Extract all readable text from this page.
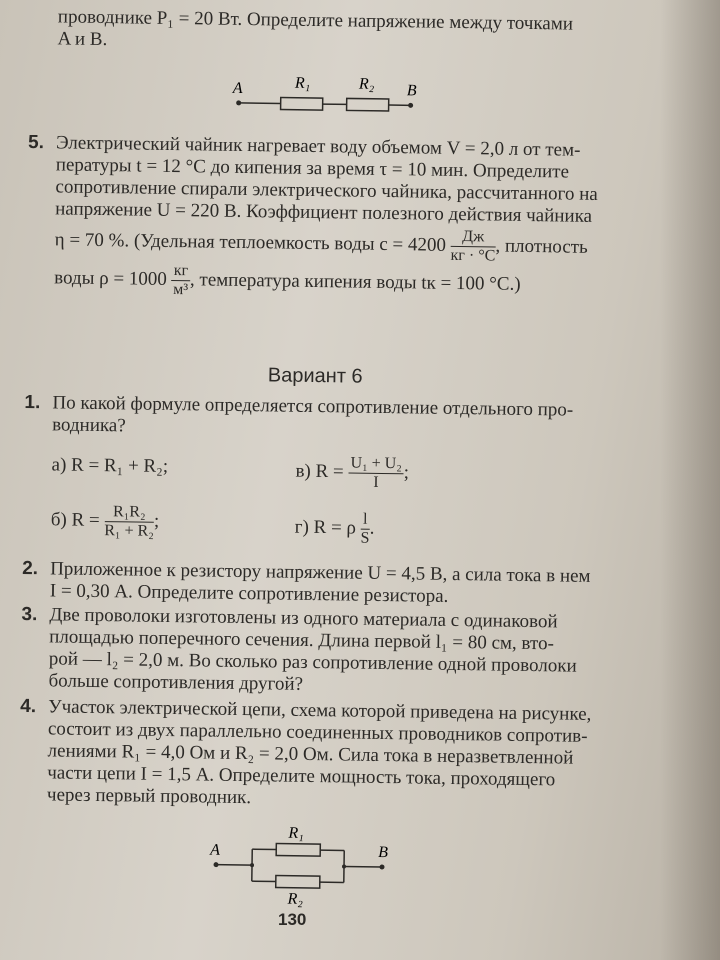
проводнике P₁ = 20 Вт. Определите напряжение между точками
A и B.
A	R₁	R₂ B
5. Электрический чайник нагревает воду объемом V = 2,0 л от тем-
пературы t = 12 °C до кипения за время τ = 10 мин. Определите
сопротивление спирали электрического чайника, рассчитанного на
напряжение U = 220 В. Коэффициент полезного действия чайника
η = 70 %. (Удельная теплоемкость воды $c = 4200 \frac{Дж}{кг \cdot ^\circ C}$ , плотность
воды $\rho = 1000 \frac{кг}{\text{м³}}$ , температура кипения воды tк = 100 °C.)
Вариант 6
1. По какой формуле определяется сопротивление отдельного про-
водника?
а) R = R₁ + R₂;	в) $R = \frac{\text{U₁ + U₂}}{I}$ ;
б) $R = \frac{\text{R₁R₂}}{\text{R₁ + R₂}}$ ;	г) R = ρ $\frac{l}{S}$ .
2. Приложенное к резистору напряжение U = 4,5 В, а сила тока в нем
I = 0,30 А. Определите сопротивление резистора.
3. Две проволоки изготовлены из одного материала с одинаковой
площадью поперечного сечения. Длина первой l₁ = 80 см, вто-
рой — l₂ = 2,0 м. Во сколько раз сопротивление одной проволоки
больше сопротивления другой?
4. Участок электрической цепи, схема которой приведена на рисунке,
состоит из двух параллельно соединенных проводников сопротив-
лениями R₁ = 4,0 Ом и R₂ = 2,0 Ом. Сила тока в неразветвленной
части цепи I = 1,5 А. Определите мощность тока, проходящего
через первый проводник.
A
R₁
R₂
B
130
